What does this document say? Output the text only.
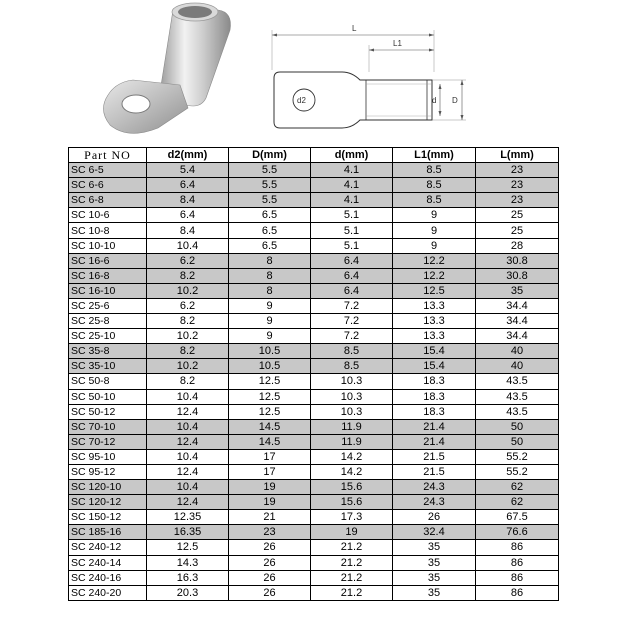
L
L1
d2	d D
Part NO	d2(mm)	D(mm)	d(mm)	L1(mm)	L(mm)
SC 6-5	5.4	5.5	4.1	8.5	23
SC 6-6	6.4	5.5	4.1	8.5	23
SC 6-8	8.4	5.5	4.1	8.5	23
SC 10-6	6.4	6.5	5.1	9	25
SC 10-8	8.4	6.5	5.1	9	25
SC 10-10	10.4	6.5	5.1	9	28
SC 16-6	6.2	8	6.4	12.2	30.8
SC 16-8	8.2	8	6.4	12.2	30.8
SC 16-10	10.2	8	6.4	12.5	35
SC 25-6	6.2	9	7.2	13.3	34.4
SC 25-8	8.2	9	7.2	13.3	34.4
SC 25-10	10.2	9	7.2	13.3	34.4
SC 35-8	8.2	10.5	8.5	15.4	40
SC 35-10	10.2	10.5	8.5	15.4	40
SC 50-8	8.2	12.5	10.3	18.3	43.5
SC 50-10	10.4	12.5	10.3	18.3	43.5
SC 50-12	12.4	12.5	10.3	18.3	43.5
SC 70-10	10.4	14.5	11.9	21.4	50
SC 70-12	12.4	14.5	11.9	21.4	50
SC 95-10	10.4	17	14.2	21.5	55.2
SC 95-12	12.4	17	14.2	21.5	55.2
SC 120-10	10.4	19	15.6	24.3	62
SC 120-12	12.4	19	15.6	24.3	62
SC 150-12	12.35	21	17.3	26	67.5
SC 185-16	16.35	23	19	32.4	76.6
SC 240-12	12.5	26	21.2	35	86
SC 240-14	14.3	26	21.2	35	86
SC 240-16	16.3	26	21.2	35	86
SC 240-20	20.3	26	21.2	35	86
